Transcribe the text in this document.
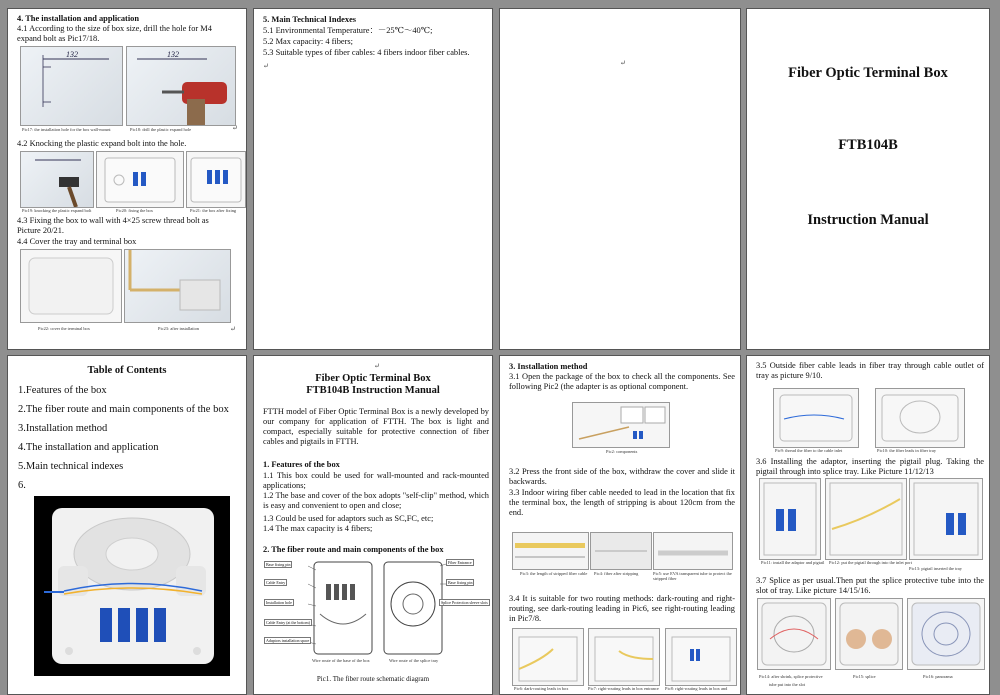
4. The installation and application
4.1 According to the size of box size, drill the hole for M4
expand bolt as Pic17/18.
132	132
Pic17: the installation hole for the box wall-mount	Pic18: drill the plastic expand hole	↵
4.2 Knocking the plastic expand bolt into the hole.
Pic19: knocking the plastic expand bolt	Pic20: fixing the box	Pic21: the box after fixing
4.3 Fixing the box to wall with 4×25 screw thread bolt as
Picture 20/21.
4.4 Cover the tray and terminal box
Pic22: cover the terminal box	Pic23: after installation	↵
5. Main Technical Indexes
5.1 Environmental Temperature：－25℃～40℃;
5.2 Max capacity: 4 fibers;
5.3 Suitable types of fiber cables: 4 fibers indoor fiber cables.
↵	↵
Fiber Optic Terminal Box
FTB104B
Instruction Manual
Table of Contents
1.Features of the box
2.The fiber route and main components of the box
3.Installation method
4.The installation and application
5.Main technical indexes
6.
↵
Fiber Optic Terminal Box
FTB104B Instruction Manual
FTTH model of Fiber Optic Terminal Box is a newly developed by our company for application of FTTH. The box is light and compact, especially suitable for protective connection of fiber cables and pigtails in FTTH.
1. Features of the box
1.1 This box could be used for wall-mounted and rack-mounted applications;
1.2 The base and cover of the box adopts "self-clip" method, which is easy and convenient to open and close;
1.3 Could be used for adaptors such as SC,FC, etc;
1.4 The max capacity is 4 fibers;
2. The fiber route and main components of the box
Base fixing pin
Cable Entry
Installation hole
Cable Entry (at the bottom)
Adaptors installation space
Fiber Entrance
Base fixing pin
Splice Protection sleeve slots
Wire route of the base of the box	Wire route of the splice tray
Pic1. The fiber route schematic diagram
3. Installation method
3.1 Open the package of the box to check all the components. See following Pic2 (the adapter is as optional component.
Pic2: components
3.2 Press the front side of the box, withdraw the cover and slide it backwards.
3.3 Indoor wiring fiber cable needed to lead in the location that fix the terminal box, the length of stripping is about 120cm from the end.
Pic3: the length of stripped fiber cable Pic4: fiber after stripping	Pic5: use EVA transparent tube to protect the stripped fiber
3.4 It is suitable for two routing methods: dark-routing and right-routing, see dark-routing leading in Pic6, see right-routing leading in Pic7/8.
Pic6: dark-routing leads in box	Pic7: right-routing leads in box entrance Pic8: right-routing leads in box and
3.5 Outside fiber cable leads in fiber tray through cable outlet of tray as picture 9/10.
Pic9: thread the fiber to the cable inlet	Pic10: the fiber leads in fiber tray
3.6 Installing the adaptor, inserting the pigtail plug. Taking the pigtail through into splice tray. Like Picture 11/12/13
Pic11: install the adaptor and pigtail Pic12: put the pigtail through into the inlet port
Pic13: pigtail inserted the tray
3.7 Splice as per usual.Then put the splice protective tube into the slot of tray. Like picture 14/15/16.
Pic14: after shrink, splice protective
tube put into the slot
Pic15: splice	Pic16: panorama
